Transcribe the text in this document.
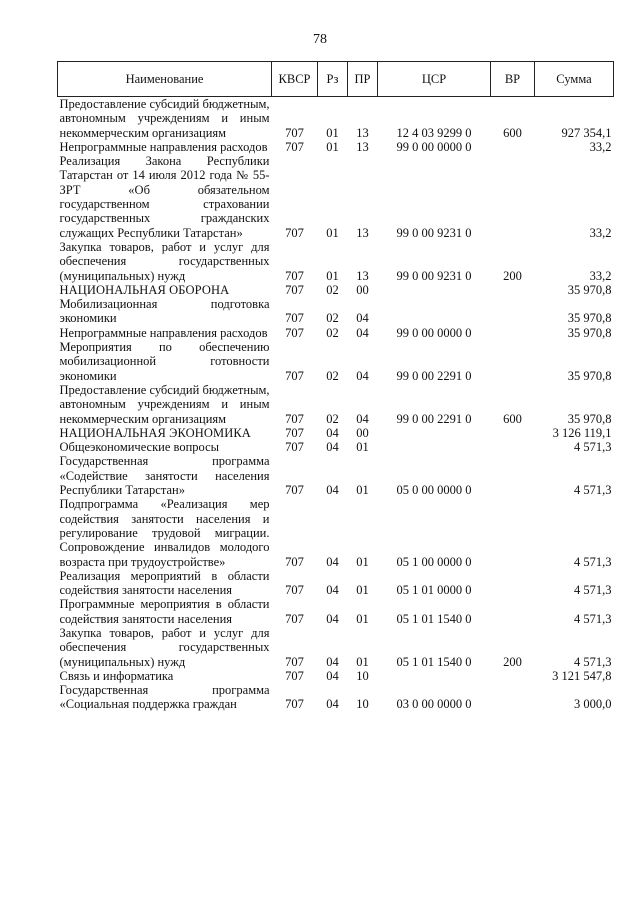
78
Наименование	КВСР	Рз	ПР	ЦСР	ВР	Сумма
Предоставление субсидий бюджетным, автономным учреждениям и иным некоммерческим организациям	707	01	13	12 4 03 9299 0	600	927 354,1
Непрограммные направления расходов	707	01	13	99 0 00 0000 0		33,2
Реализация Закона Республики Татарстан от 14 июля 2012 года № 55-ЗРТ «Об обязательном государственном страховании государственных гражданских служащих Республики Татарстан»	707	01	13	99 0 00 9231 0		33,2
Закупка товаров, работ и услуг для обеспечения государственных (муниципальных) нужд	707	01	13	99 0 00 9231 0	200	33,2
НАЦИОНАЛЬНАЯ ОБОРОНА	707	02	00			35 970,8
Мобилизационная подготовка экономики	707	02	04			35 970,8
Непрограммные направления расходов	707	02	04	99 0 00 0000 0		35 970,8
Мероприятия по обеспечению мобилизационной готовности экономики	707	02	04	99 0 00 2291 0		35 970,8
Предоставление субсидий бюджетным, автономным учреждениям и иным некоммерческим организациям	707	02	04	99 0 00 2291 0	600	35 970,8
НАЦИОНАЛЬНАЯ ЭКОНОМИКА	707	04	00			3 126 119,1
Общеэкономические вопросы	707	04	01			4 571,3
Государственная программа «Содействие занятости населения Республики Татарстан»	707	04	01	05 0 00 0000 0		4 571,3
Подпрограмма «Реализация мер содействия занятости населения и регулирование трудовой миграции. Сопровождение инвалидов молодого возраста при трудоустройстве»	707	04	01	05 1 00 0000 0		4 571,3
Реализация мероприятий в области содействия занятости населения	707	04	01	05 1 01 0000 0		4 571,3
Программные мероприятия в области содействия занятости населения	707	04	01	05 1 01 1540 0		4 571,3
Закупка товаров, работ и услуг для обеспечения государственных (муниципальных) нужд	707	04	01	05 1 01 1540 0	200	4 571,3
Связь и информатика	707	04	10			3 121 547,8
Государственная программа «Социальная поддержка граждан	707	04	10	03 0 00 0000 0		3 000,0
